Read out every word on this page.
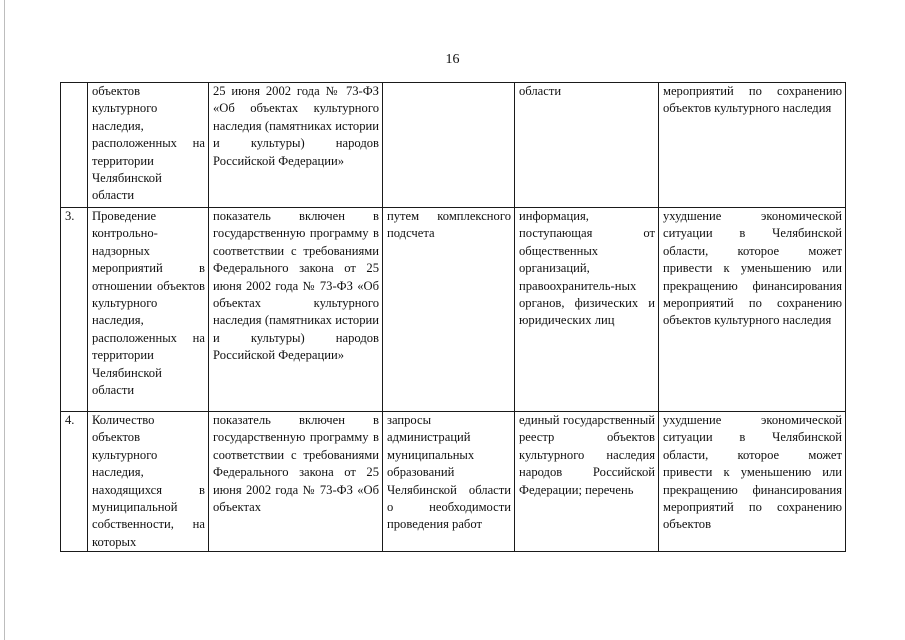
16

	объектов культурного наследия, расположенных на территории Челябинской области	25 июня 2002 года № 73-ФЗ «Об объектах культурного наследия (памятниках истории и культуры) народов Российской Федерации»		области	мероприятий по сохранению объектов культурного наследия

3.	Проведение контрольно-надзорных мероприятий в отношении объектов культурного наследия, расположенных на территории Челябинской области	показатель включен в государственную программу в соответствии с требованиями Федерального закона от 25 июня 2002 года № 73-ФЗ «Об объектах культурного наследия (памятниках истории и культуры) народов Российской Федерации»	путем комплексного подсчета	информация, поступающая от общественных организаций, правоохранитель-ных органов, физических и юридических лиц	ухудшение экономической ситуации в Челябинской области, которое может привести к уменьшению или прекращению финансирования мероприятий по сохранению объектов культурного наследия

4.	Количество объектов культурного наследия, находящихся в муниципальной собственности, на которых	показатель включен в государственную программу в соответствии с требованиями Федерального закона от 25 июня 2002 года № 73-ФЗ «Об объектах	запросы администраций муниципальных образований Челябинской области о необходимости проведения работ	единый государственный реестр объектов культурного наследия народов Российской Федерации; перечень	ухудшение экономической ситуации в Челябинской области, которое может привести к уменьшению или прекращению финансирования мероприятий по сохранению объектов
